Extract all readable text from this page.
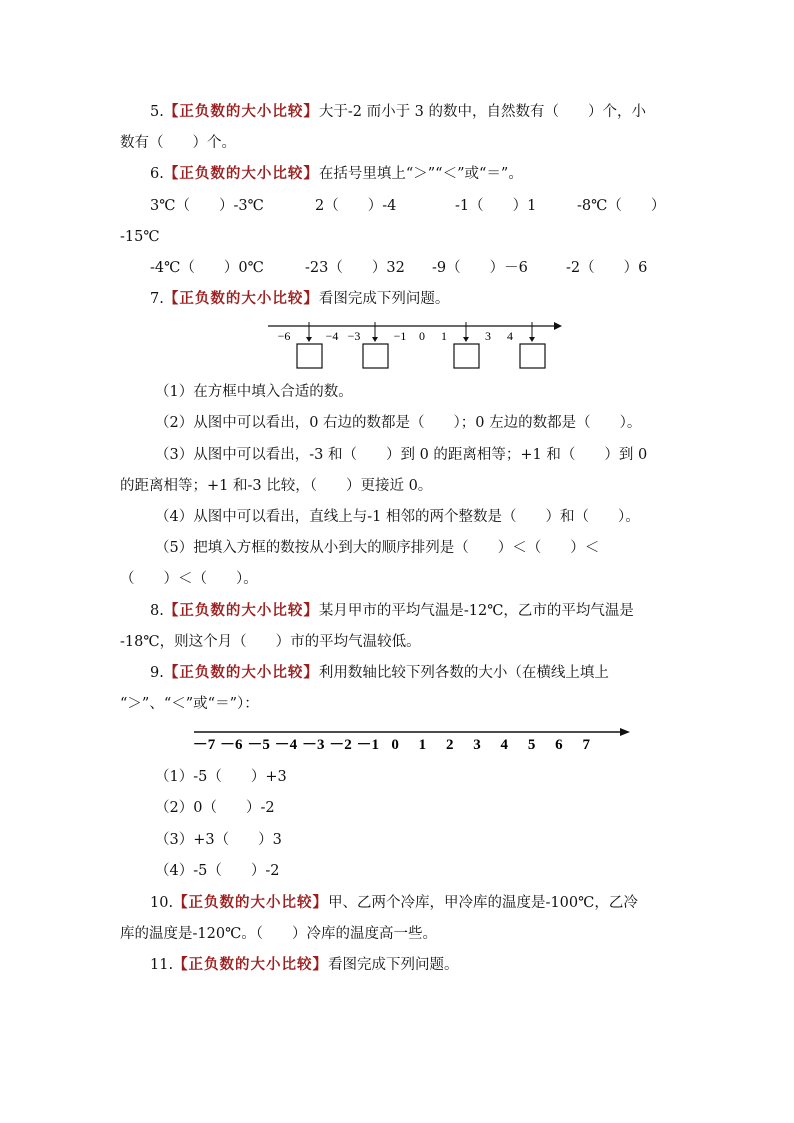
5.【正负数的大小比较】大于-2 而小于 3 的数中，自然数有（　　）个，小
数有（　　）个。
6.【正负数的大小比较】在括号里填上“＞”“＜”或“＝”。
3℃（　　）-3℃	2（　　）-4	-1（　　）1	-8℃（　　）
-15℃
-4℃（　　）0℃	-23（　　）32 -9（　　）－6	-2（　　）6
7.【正负数的大小比较】看图完成下列问题。
−6	−4 −3	−1 0 1	3 4
（1）在方框中填入合适的数。
（2）从图中可以看出，0 右边的数都是（　　）；0 左边的数都是（　　）。
（3）从图中可以看出，-3 和（　　）到 0 的距离相等；+1 和（　　）到 0
的距离相等；+1 和-3 比较，（　　）更接近 0。
（4）从图中可以看出，直线上与-1 相邻的两个整数是（　　）和（　　）。
（5）把填入方框的数按从小到大的顺序排列是（　　）＜（　　）＜
（　　）＜（　　）。
8.【正负数的大小比较】某月甲市的平均气温是-12℃，乙市的平均气温是
-18℃，则这个月（　　）市的平均气温较低。
9.【正负数的大小比较】利用数轴比较下列各数的大小（在横线上填上
“＞”、“＜”或“＝”）：
－7 －6 －5 －4 －3 －2 －1 0 1 2 3 4 5 6 7
（1）-5（　　）+3
（2）0（　　）-2
（3）+3（　　）3
（4）-5（　　）-2
10.【正负数的大小比较】甲、乙两个冷库，甲冷库的温度是-100℃，乙冷
库的温度是-120℃。（　　）冷库的温度高一些。
11.【正负数的大小比较】看图完成下列问题。
